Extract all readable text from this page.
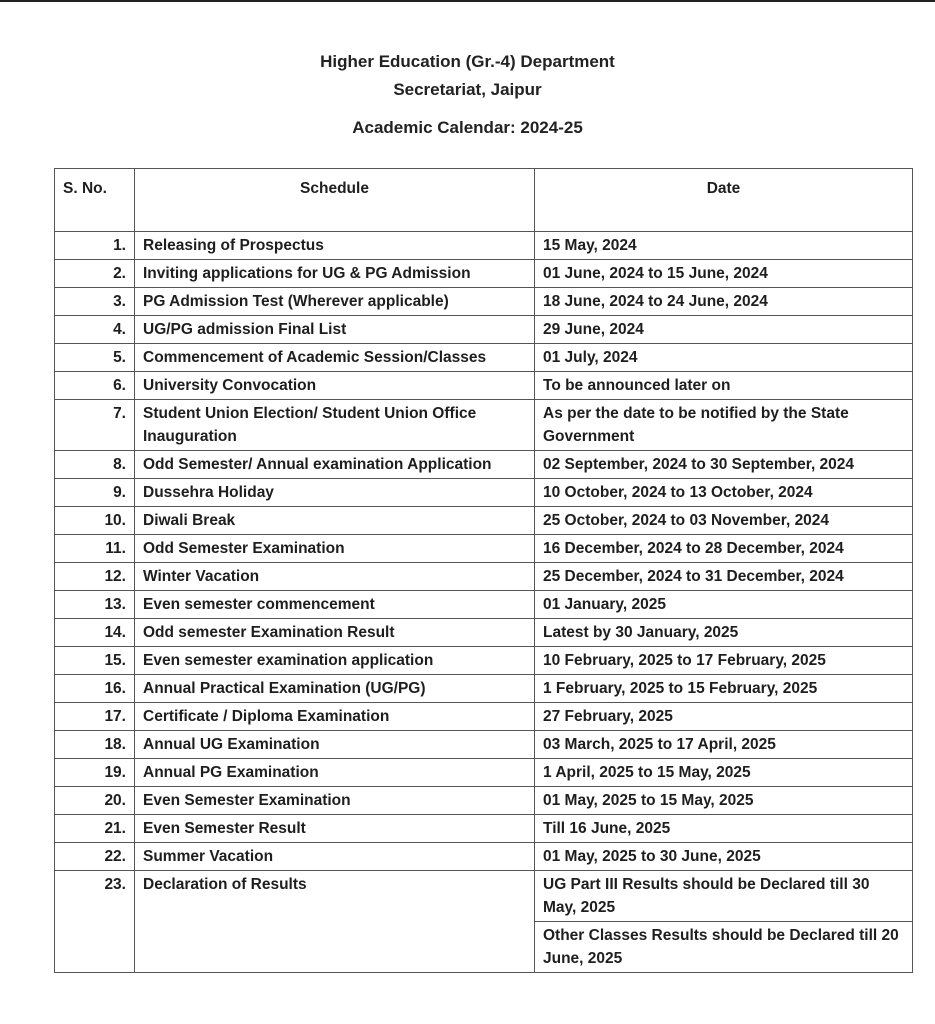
Higher Education (Gr.-4) Department
Secretariat, Jaipur
Academic Calendar: 2024-25
S. No.	Schedule	Date
1.	Releasing of Prospectus	15 May, 2024
2.	Inviting applications for UG & PG Admission	01 June, 2024 to 15 June, 2024
3.	PG Admission Test (Wherever applicable)	18 June, 2024 to 24 June, 2024
4.	UG/PG admission Final List	29 June, 2024
5.	Commencement of Academic Session/Classes	01 July, 2024
6.	University Convocation	To be announced later on
7.	Student Union Election/ Student Union Office Inauguration	As per the date to be notified by the State Government
8.	Odd Semester/ Annual examination Application	02 September, 2024 to 30 September, 2024
9.	Dussehra Holiday	10 October, 2024 to 13 October, 2024
10.	Diwali Break	25 October, 2024 to 03 November, 2024
11.	Odd Semester Examination	16 December, 2024 to 28 December, 2024
12.	Winter Vacation	25 December, 2024 to 31 December, 2024
13.	Even semester commencement	01 January, 2025
14.	Odd semester Examination Result	Latest by 30 January, 2025
15.	Even semester examination application	10 February, 2025 to 17 February, 2025
16.	Annual Practical Examination (UG/PG)	1 February, 2025 to 15 February, 2025
17.	Certificate / Diploma Examination	27 February, 2025
18.	Annual UG Examination	03 March, 2025 to 17 April, 2025
19.	Annual PG Examination	1 April, 2025 to 15 May, 2025
20.	Even Semester Examination	01 May, 2025 to 15 May, 2025
21.	Even Semester Result	Till 16 June, 2025
22.	Summer Vacation	01 May, 2025 to 30 June, 2025
23.	Declaration of Results	UG Part III Results should be Declared till 30 May, 2025
		Other Classes Results should be Declared till 20 June, 2025
